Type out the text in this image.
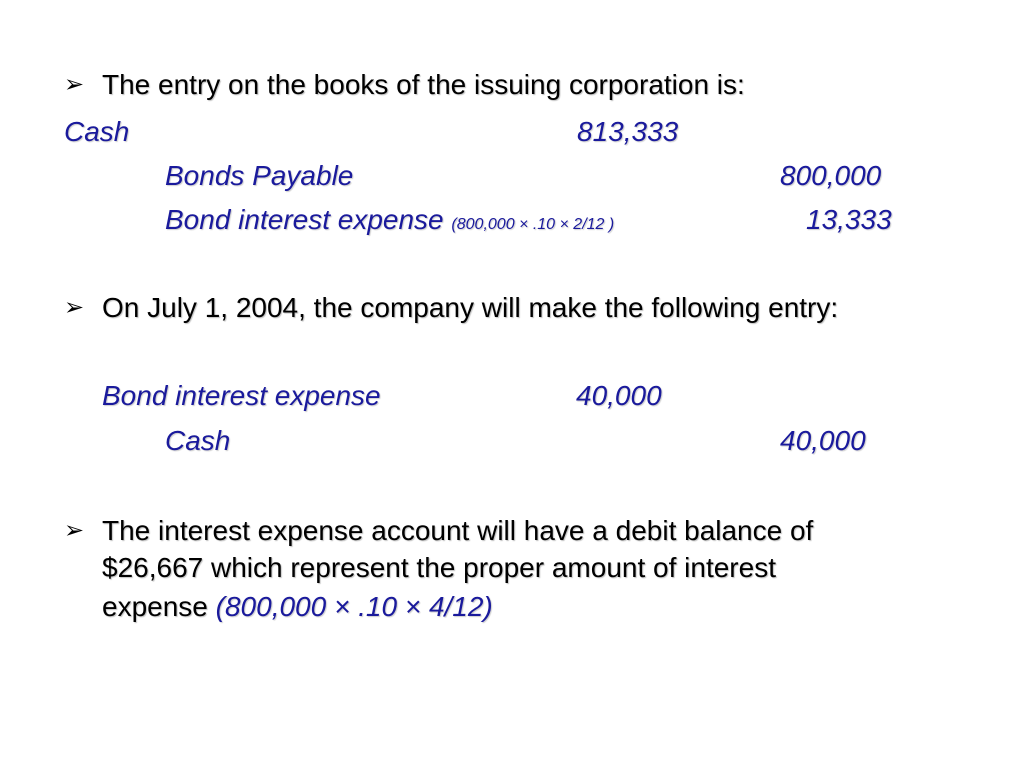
➢ The entry on the books of the issuing corporation is:
Cash	813,333
Bonds Payable	800,000
Bond interest expense (800,000 × .10 × 2/12 )	13,333
➢ On July 1, 2004, the company will make the following entry:
Bond interest expense	40,000
Cash	40,000
➢ The interest expense account will have a debit balance of
$26,667 which represent the proper amount of interest
expense (800,000 × .10 × 4/12)
